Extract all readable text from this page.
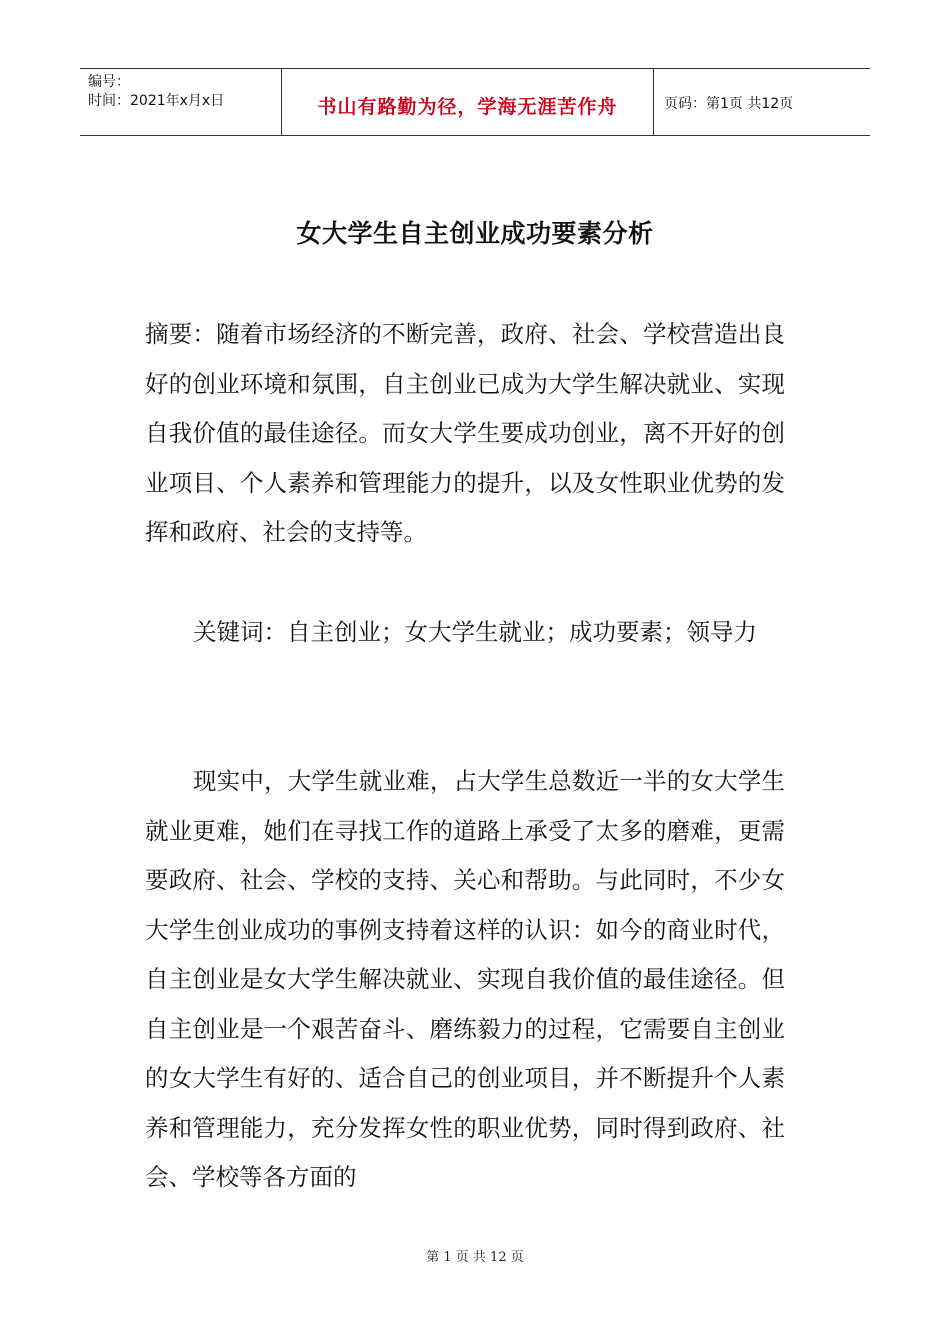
编号：
时间：2021年x月x日	书山有路勤为径，学海无涯苦作舟	页码：第1页 共12页
女大学生自主创业成功要素分析

摘要：随着市场经济的不断完善，政府、社会、学校营造出良好的创业环境和氛围，自主创业已成为大学生解决就业、实现自我价值的最佳途径。而女大学生要成功创业，离不开好的创业项目、个人素养和管理能力的提升，以及女性职业优势的发挥和政府、社会的支持等。

关键词：自主创业；女大学生就业；成功要素；领导力

现实中，大学生就业难，占大学生总数近一半的女大学生就业更难，她们在寻找工作的道路上承受了太多的磨难，更需要政府、社会、学校的支持、关心和帮助。与此同时，不少女大学生创业成功的事例支持着这样的认识：如今的商业时代，自主创业是女大学生解决就业、实现自我价值的最佳途径。但自主创业是一个艰苦奋斗、磨练毅力的过程，它需要自主创业的女大学生有好的、适合自己的创业项目，并不断提升个人素养和管理能力，充分发挥女性的职业优势，同时得到政府、社会、学校等各方面的

第 1 页 共 12 页
